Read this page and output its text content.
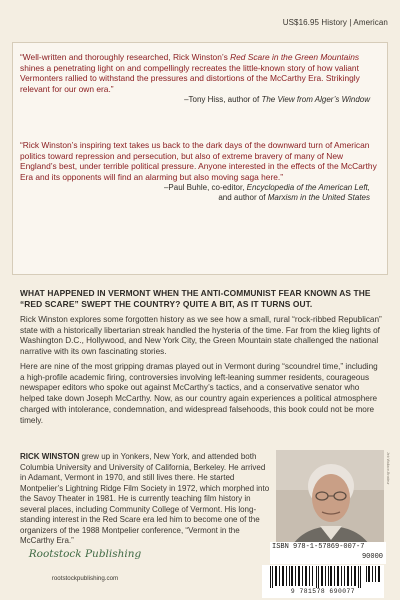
US$16.95 History | American
“Well-written and thoroughly researched, Rick Winston’s Red Scare in the Green Mountains shines a penetrating light on and compellingly recreates the little-known story of how valiant Vermonters rallied to withstand the pressures and distortions of the McCarthy Era. Strikingly relevant for our own era.”
–Tony Hiss, author of The View from Alger’s Window
“Rick Winston’s inspiring text takes us back to the dark days of the downward turn of American politics toward repression and persecution, but also of extreme bravery of many of New England’s best, under terrible political pressure. Anyone interested in the effects of the McCarthy Era and its opponents will find an alarming but also moving saga here.”
–Paul Buhle, co-editor, Encyclopedia of the American Left,
and author of Marxism in the United States
WHAT HAPPENED IN VERMONT WHEN THE ANTI-COMMUNIST FEAR KNOWN AS THE “RED SCARE” SWEPT THE COUNTRY? QUITE A BIT, AS IT TURNS OUT.
Rick Winston explores some forgotten history as we see how a small, rural “rock-ribbed Republican” state with a historically libertarian streak handled the hysteria of the time. Far from the klieg lights of Washington D.C., Hollywood, and New York City, the Green Mountain state challenged the national narrative with its own fascinating stories.
Here are nine of the most gripping dramas played out in Vermont during “scoundrel time,” including a high-profile academic firing, controversies involving left-leaning summer residents, courageous newspaper editors who spoke out against McCarthy’s tactics, and a conservative senator who helped take down Joseph McCarthy. Now, as our country again experiences a political atmosphere charged with intolerance, condemnation, and widespread falsehoods, this book could not be more timely.
RICK WINSTON grew up in Yonkers, New York, and attended both Columbia University and University of California, Berkeley. He arrived in Adamant, Vermont in 1970, and still lives there. He started Montpelier’s Lightning Ridge Film Society in 1972, which morphed into the Savoy Theater in 1981. He is currently teaching film history in several places, including Community College of Vermont. His long-standing interest in the Red Scare era led him to become one of the organizers of the 1988 Montpelier conference, “Vermont in the McCarthy Era.”
Jeb Wallace-Brodeur
Rootstock Publishing
rootstockpublishing.com
ISBN 978-1-57869-007-7
90000
9 781578 690077
